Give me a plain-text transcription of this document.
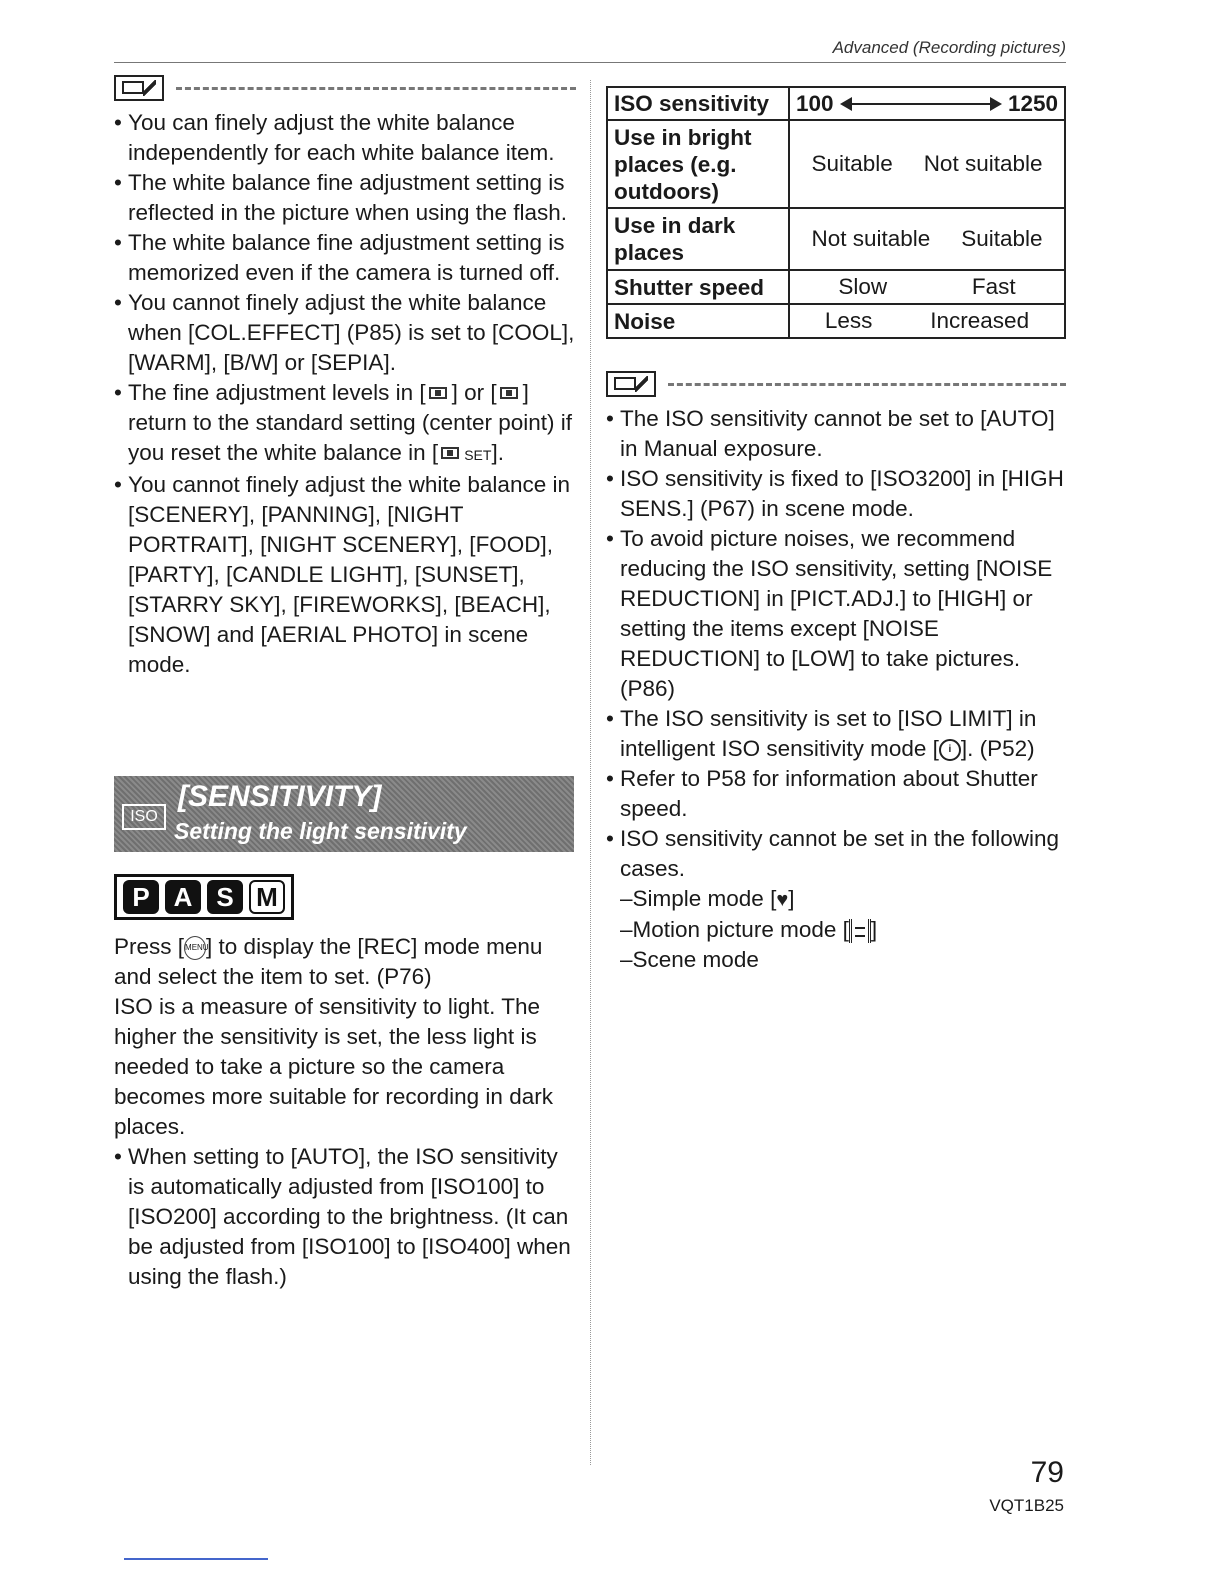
Advanced (Recording pictures)
• You can finely adjust the white balance independently for each white balance item.
• The white balance fine adjustment setting is reflected in the picture when using the flash.
• The white balance fine adjustment setting is memorized even if the camera is turned off.
• You cannot finely adjust the white balance when [COL.EFFECT] (P85) is set to [COOL], [WARM], [B/W] or [SEPIA].
• The fine adjustment levels in [ ] or [ ] return to the standard setting (center point) if you reset the white balance in [ SET].
• You cannot finely adjust the white balance in [SCENERY], [PANNING], [NIGHT PORTRAIT], [NIGHT SCENERY], [FOOD], [PARTY], [CANDLE LIGHT], [SUNSET], [STARRY SKY], [FIREWORKS], [BEACH], [SNOW] and [AERIAL PHOTO] in scene mode.
ISO
[SENSITIVITY]
Setting the light sensitivity
P A S M

Press [MENU] to display the [REC] mode menu and select the item to set. (P76)

ISO is a measure of sensitivity to light. The higher the sensitivity is set, the less light is needed to take a picture so the camera becomes more suitable for recording in dark places.

• When setting to [AUTO], the ISO sensitivity is automatically adjusted from [ISO100] to [ISO200] according to the brightness. (It can be adjusted from [ISO100] to [ISO400] when using the flash.)
ISO sensitivity	100 1250

Use in bright places (e.g. outdoors)	Suitable Not suitable

Use in dark places	Not suitable Suitable

Shutter speed	Slow Fast

Noise	Less Increased
• The ISO sensitivity cannot be set to [AUTO] in Manual exposure.
• ISO sensitivity is fixed to [ISO3200] in [HIGH SENS.] (P67) in scene mode.
• To avoid picture noises, we recommend reducing the ISO sensitivity, setting [NOISE REDUCTION] in [PICT.ADJ.] to [HIGH] or setting the items except [NOISE REDUCTION] to [LOW] to take pictures. (P86)
• The ISO sensitivity is set to [ISO LIMIT] in intelligent ISO sensitivity mode [ i ]. (P52)
• Refer to P58 for information about Shutter speed.
• ISO sensitivity cannot be set in the following cases.
–Simple mode [♥]
–Motion picture mode [ ]
–Scene mode
79
VQT1B25
